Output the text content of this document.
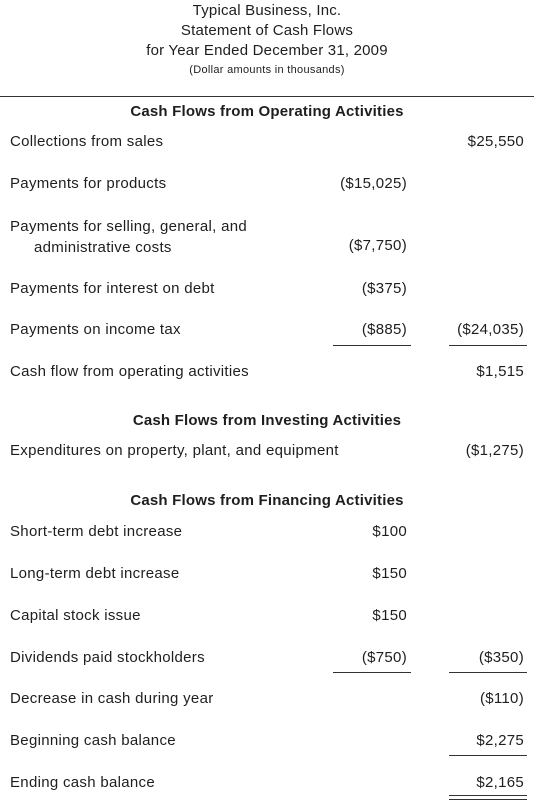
Typical Business, Inc.
Statement of Cash Flows
for Year Ended December 31, 2009
(Dollar amounts in thousands)
Cash Flows from Operating Activities
Collections from sales	$25,550
Payments for products	($15,025)
Payments for selling, general, and
administrative costs	($7,750)
Payments for interest on debt	($375)
Payments on income tax	($885)	($24,035)
Cash flow from operating activities	$1,515
Cash Flows from Investing Activities
Expenditures on property, plant, and equipment	($1,275)
Cash Flows from Financing Activities
Short-term debt increase	$100
Long-term debt increase	$150
Capital stock issue	$150
Dividends paid stockholders	($750)	($350)
Decrease in cash during year	($110)
Beginning cash balance	$2,275
Ending cash balance	$2,165
